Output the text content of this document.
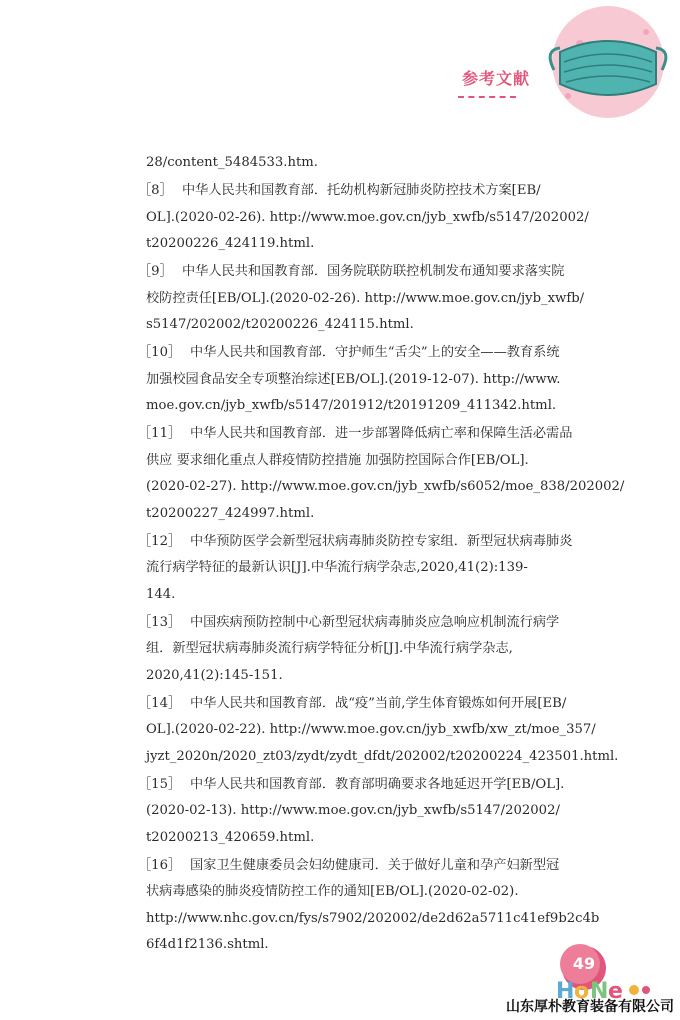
参考文献
28/content_5484533.htm.
［8］ 中华人民共和国教育部．托幼机构新冠肺炎防控技术方案[EB/
OL].(2020-02-26). http://www.moe.gov.cn/jyb_xwfb/s5147/202002/
t20200226_424119.html.
［9］ 中华人民共和国教育部．国务院联防联控机制发布通知要求落实院
校防控责任[EB/OL].(2020-02-26). http://www.moe.gov.cn/jyb_xwfb/
s5147/202002/t20200226_424115.html.
［10］ 中华人民共和国教育部．守护师生“舌尖”上的安全——教育系统
加强校园食品安全专项整治综述[EB/OL].(2019-12-07). http://www.
moe.gov.cn/jyb_xwfb/s5147/201912/t20191209_411342.html.
［11］ 中华人民共和国教育部．进一步部署降低病亡率和保障生活必需品
供应 要求细化重点人群疫情防控措施 加强防控国际合作[EB/OL].
(2020-02-27). http://www.moe.gov.cn/jyb_xwfb/s6052/moe_838/202002/
t20200227_424997.html.
［12］ 中华预防医学会新型冠状病毒肺炎防控专家组．新型冠状病毒肺炎
流行病学特征的最新认识[J].中华流行病学杂志,2020,41(2):139-
144.
［13］ 中国疾病预防控制中心新型冠状病毒肺炎应急响应机制流行病学
组．新型冠状病毒肺炎流行病学特征分析[J].中华流行病学杂志,
2020,41(2):145-151.
［14］ 中华人民共和国教育部．战“疫”当前,学生体育锻炼如何开展[EB/
OL].(2020-02-22). http://www.moe.gov.cn/jyb_xwfb/xw_zt/moe_357/
jyzt_2020n/2020_zt03/zydt/zydt_dfdt/202002/t20200224_423501.html.
［15］ 中华人民共和国教育部．教育部明确要求各地延迟开学[EB/OL].
(2020-02-13). http://www.moe.gov.cn/jyb_xwfb/s5147/202002/
t20200213_420659.html.
［16］ 国家卫生健康委员会妇幼健康司．关于做好儿童和孕产妇新型冠
状病毒感染的肺炎疫情防控工作的通知[EB/OL].(2020-02-02).
http://www.nhc.gov.cn/fys/s7902/202002/de2d62a5711c41ef9b2c4b
6f4d1f2136.shtml.
H o N e
49
山东厚朴教育装备有限公司
